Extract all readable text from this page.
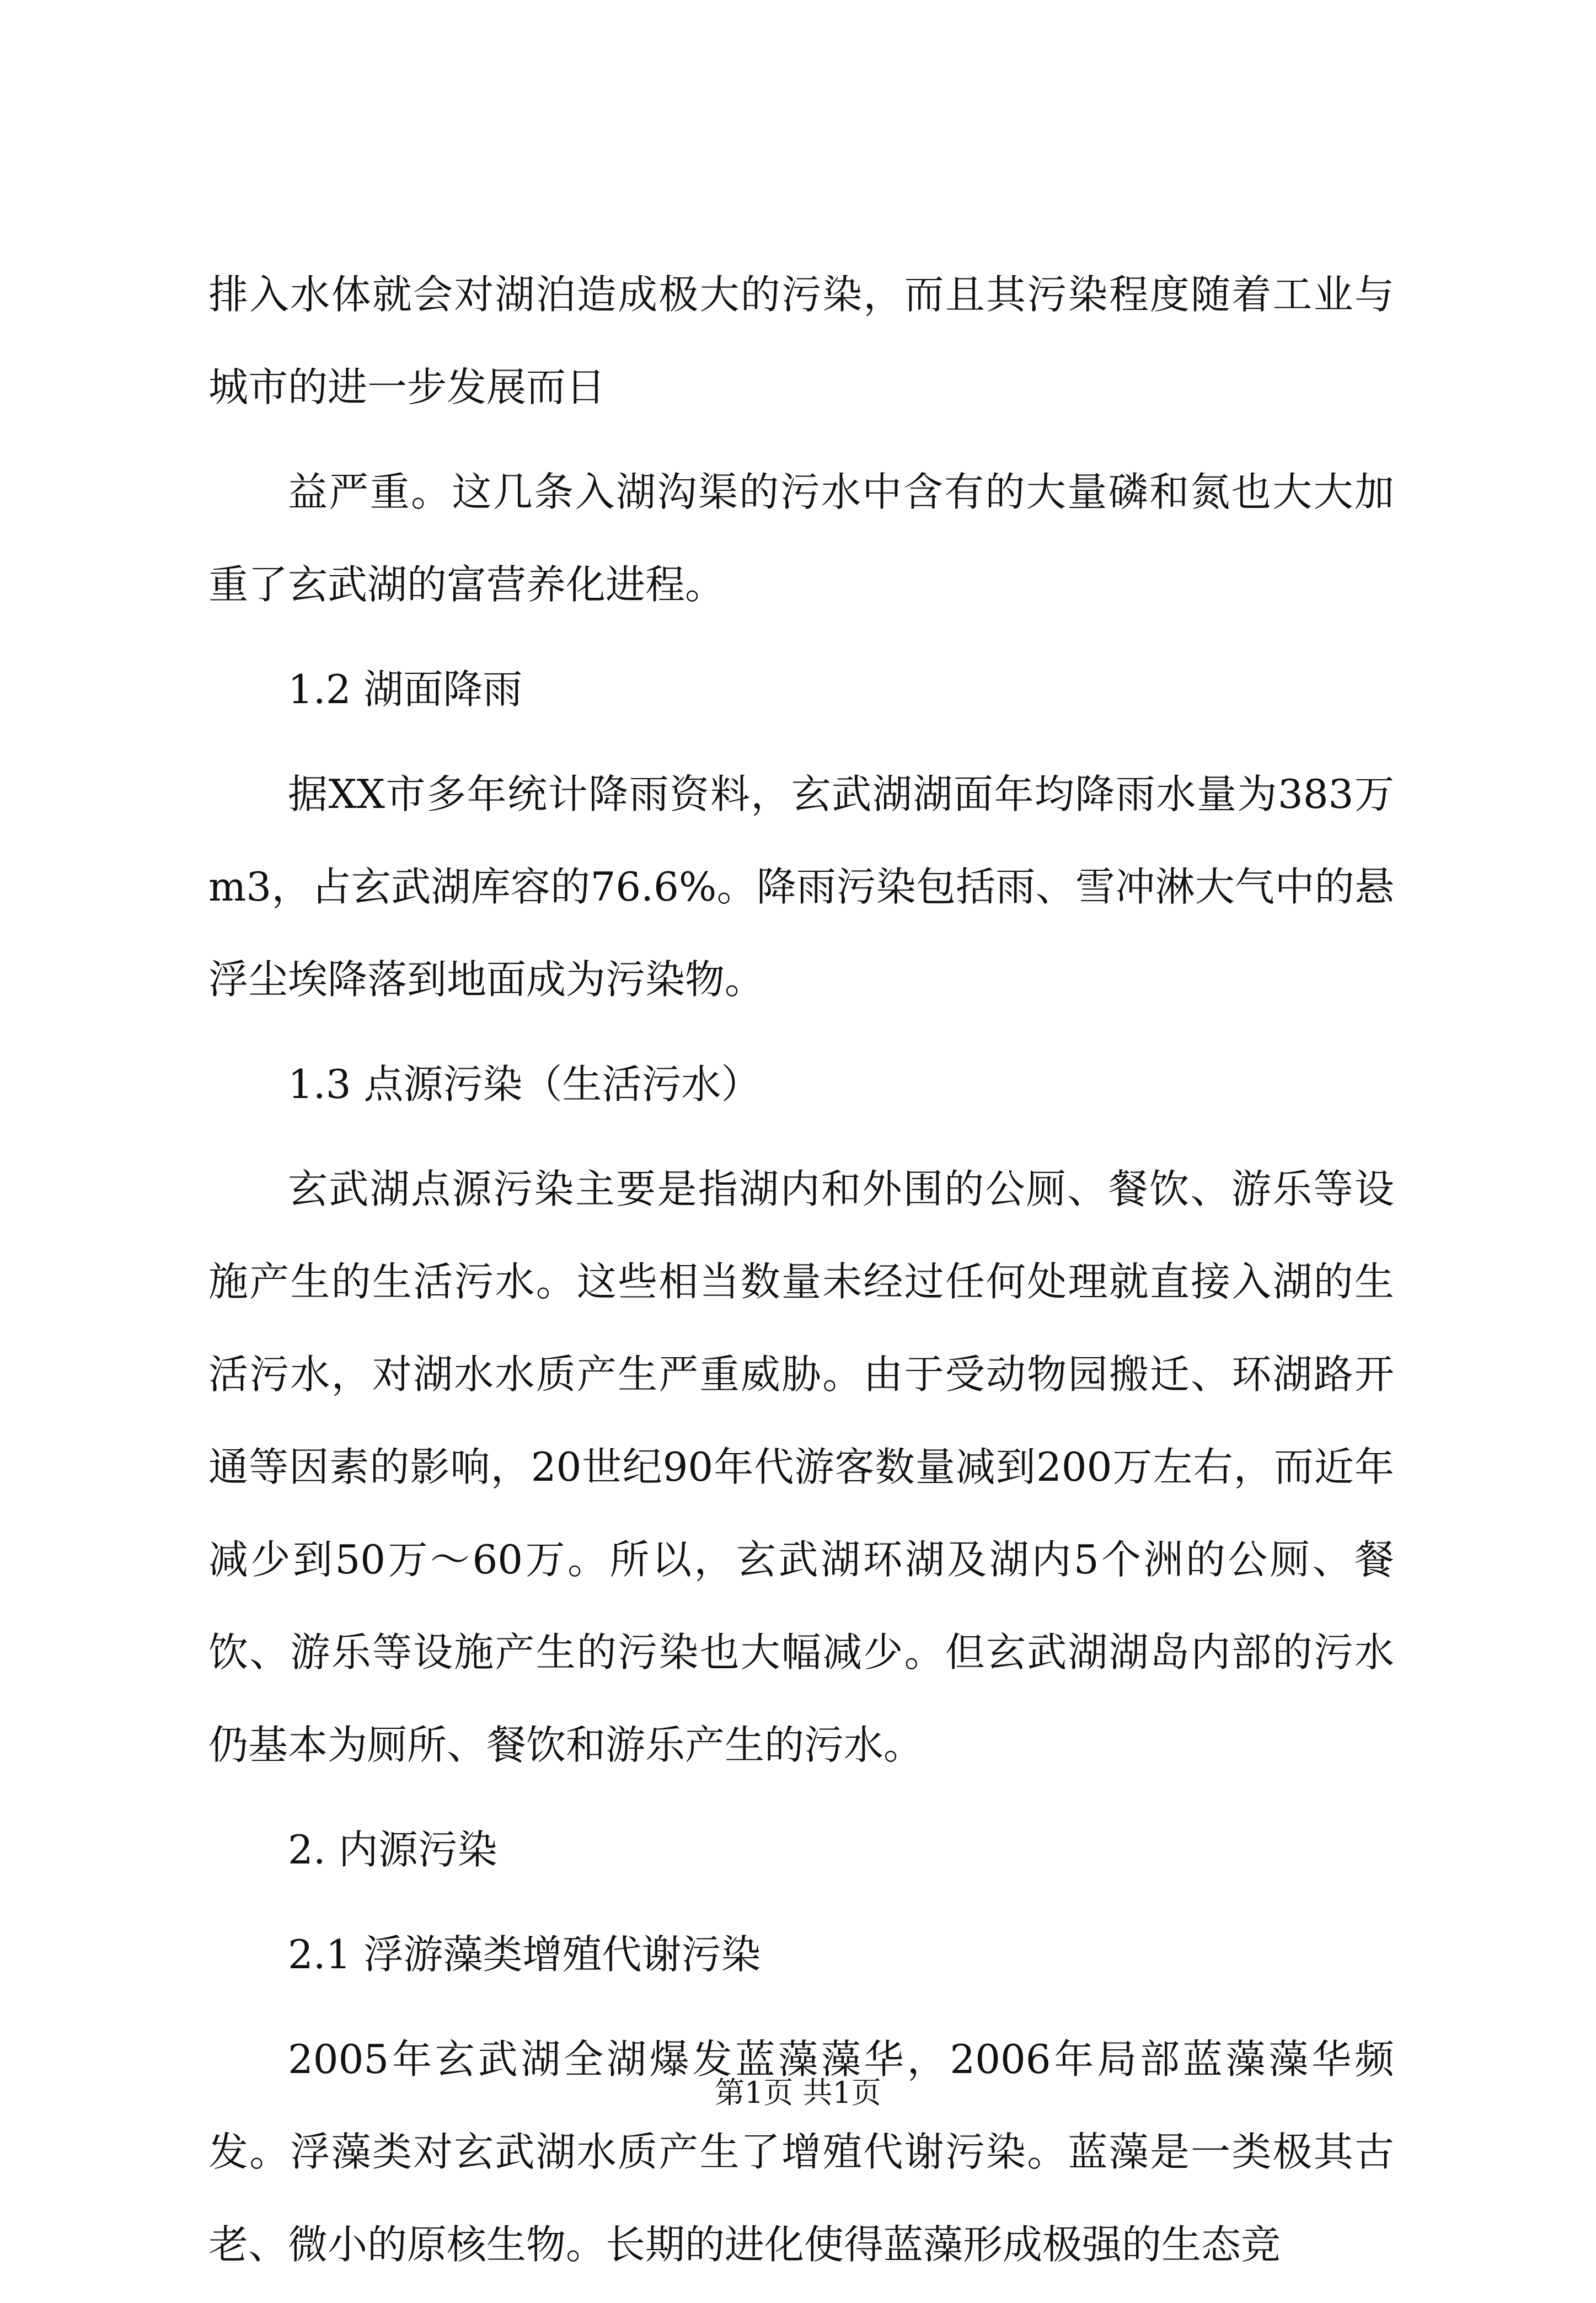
排入水体就会对湖泊造成极大的污染，而且其污染程度随着工业与城市的进一步发展而日

益严重。这几条入湖沟渠的污水中含有的大量磷和氮也大大加重了玄武湖的富营养化进程。

1.2 湖面降雨

据XX市多年统计降雨资料，玄武湖湖面年均降雨水量为383万m3，占玄武湖库容的76.6%。降雨污染包括雨、雪冲淋大气中的悬浮尘埃降落到地面成为污染物。

1.3 点源污染（生活污水）

玄武湖点源污染主要是指湖内和外围的公厕、餐饮、游乐等设施产生的生活污水。这些相当数量未经过任何处理就直接入湖的生活污水，对湖水水质产生严重威胁。由于受动物园搬迁、环湖路开通等因素的影响，20世纪90年代游客数量减到200万左右，而近年减少到50万～60万。所以，玄武湖环湖及湖内5个洲的公厕、餐饮、游乐等设施产生的污染也大幅减少。但玄武湖湖岛内部的污水仍基本为厕所、餐饮和游乐产生的污水。

2. 内源污染

2.1 浮游藻类增殖代谢污染

2005年玄武湖全湖爆发蓝藻藻华，2006年局部蓝藻藻华频发。浮藻类对玄武湖水质产生了增殖代谢污染。蓝藻是一类极其古老、微小的原核生物。长期的进化使得蓝藻形成极强的生态竞

第1页 共1页
